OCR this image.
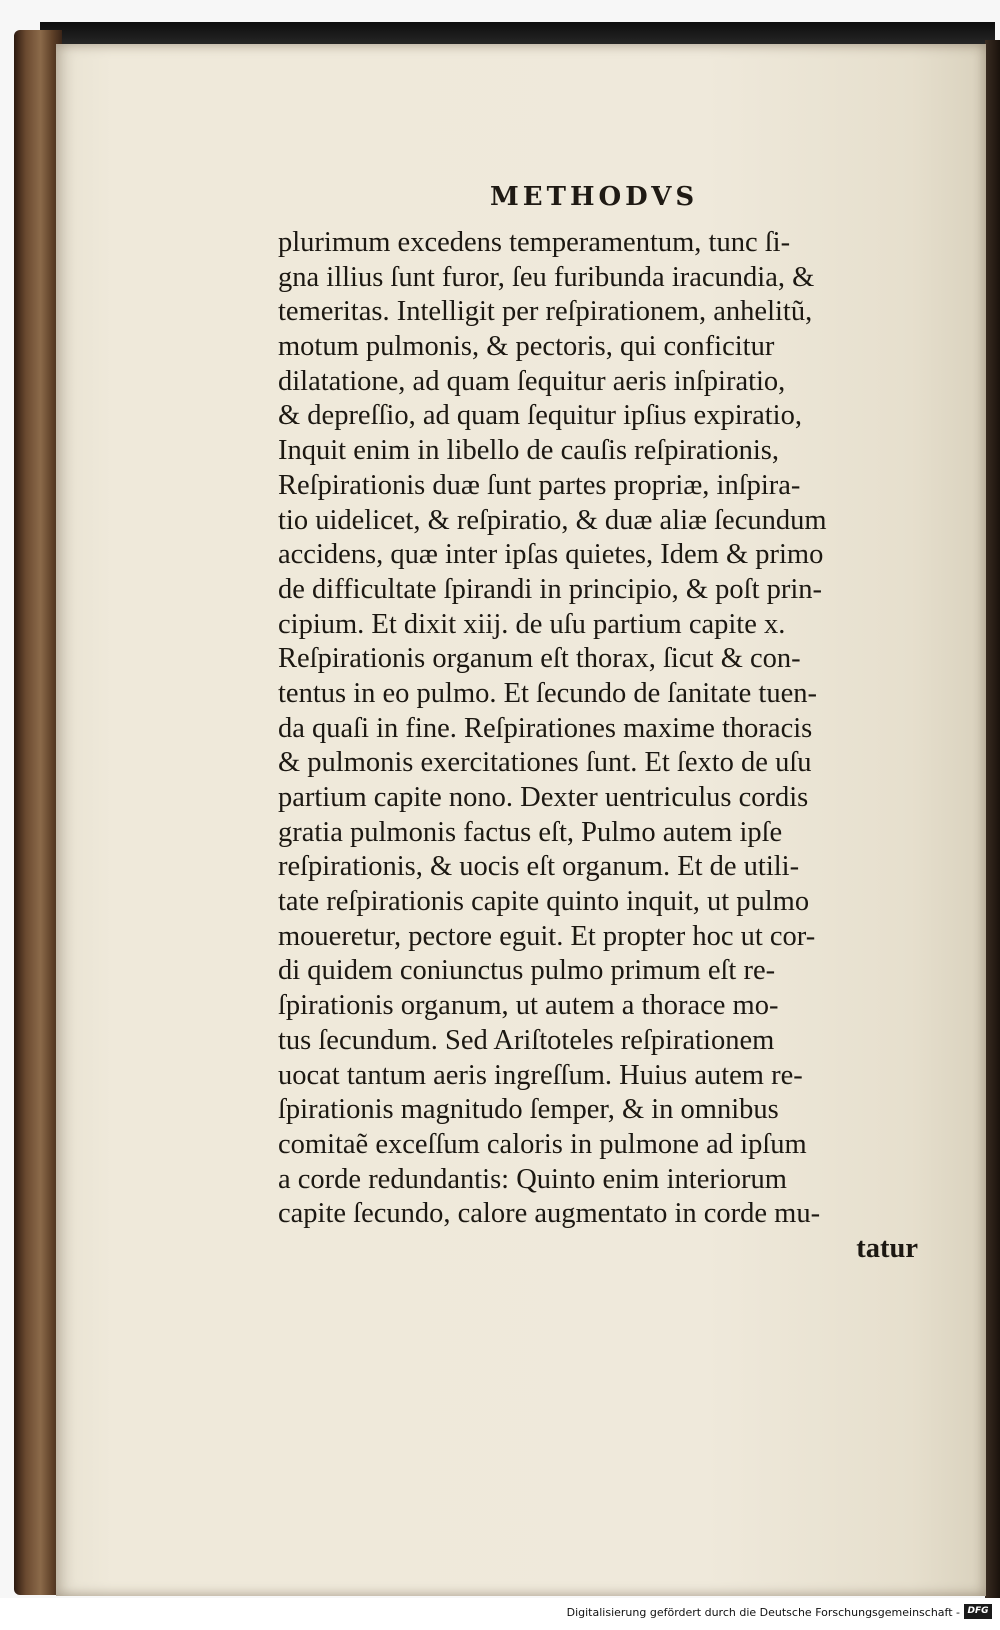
METHODVS
plurimum excedens temperamentum, tunc ſi-
gna illius ſunt furor, ſeu furibunda iracundia, &
temeritas. Intelligit per reſpirationem, anhelitũ,
motum pulmonis, & pectoris, qui conficitur
dilatatione, ad quam ſequitur aeris inſpiratio,
& depreſſio, ad quam ſequitur ipſius expiratio,
Inquit enim in libello de cauſis reſpirationis,
Reſpirationis duæ ſunt partes propriæ, inſpira-
tio uidelicet, & reſpiratio, & duæ aliæ ſecundum
accidens, quæ inter ipſas quietes, Idem & primo
de difficultate ſpirandi in principio, & poſt prin-
cipium. Et dixit xiij. de uſu partium capite x.
Reſpirationis organum eſt thorax, ſicut & con-
tentus in eo pulmo. Et ſecundo de ſanitate tuen-
da quaſi in fine. Reſpirationes maxime thoracis
& pulmonis exercitationes ſunt. Et ſexto de uſu
partium capite nono. Dexter uentriculus cordis
gratia pulmonis factus eſt, Pulmo autem ipſe
reſpirationis, & uocis eſt organum. Et de utili-
tate reſpirationis capite quinto inquit, ut pulmo
moueretur, pectore eguit. Et propter hoc ut cor-
di quidem coniunctus pulmo primum eſt re-
ſpirationis organum, ut autem a thorace mo-
tus ſecundum. Sed Ariſtoteles reſpirationem
uocat tantum aeris ingreſſum. Huius autem re-
ſpirationis magnitudo ſemper, & in omnibus
comitaẽ exceſſum caloris in pulmone ad ipſum
a corde redundantis: Quinto enim interiorum
capite ſecundo, calore augmentato in corde mu-
tatur
Digitalisierung gefördert durch die Deutsche Forschungsgemeinschaft - DFG
